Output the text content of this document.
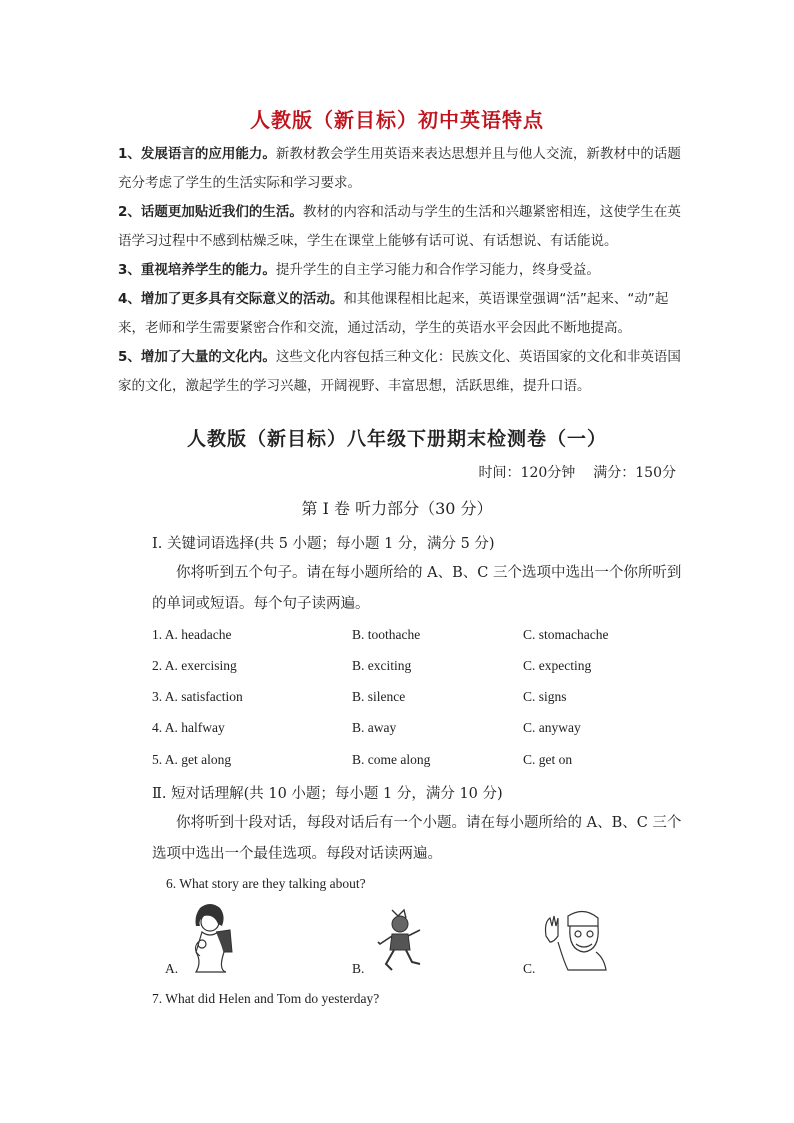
人教版（新目标）初中英语特点
1、发展语言的应用能力。新教材教会学生用英语来表达思想并且与他人交流，新教材中的话题充分考虑了学生的生活实际和学习要求。
2、话题更加贴近我们的生活。教材的内容和活动与学生的生活和兴趣紧密相连，这使学生在英语学习过程中不感到枯燥乏味，学生在课堂上能够有话可说、有话想说、有话能说。
3、重视培养学生的能力。提升学生的自主学习能力和合作学习能力，终身受益。
4、增加了更多具有交际意义的活动。和其他课程相比起来，英语课堂强调“活”起来、“动”起来，老师和学生需要紧密合作和交流，通过活动，学生的英语水平会因此不断地提高。
5、增加了大量的文化内。这些文化内容包括三种文化：民族文化、英语国家的文化和非英语国家的文化，激起学生的学习兴趣，开阔视野、丰富思想，活跃思维，提升口语。
人教版（新目标）八年级下册期末检测卷（一）
时间：120分钟 满分：150分
第 Ⅰ 卷 听力部分（30 分）
Ⅰ. 关键词语选择(共 5 小题；每小题 1 分，满分 5 分)
你将听到五个句子。请在每小题所给的 A、B、C 三个选项中选出一个你所听到的单词或短语。每个句子读两遍。
1. A. headache	B. toothache	C. stomachache
2. A. exercising	B. exciting	C. expecting
3. A. satisfaction	B. silence	C. signs
4. A. halfway	B. away	C. anyway
5. A. get along	B. come along	C. get on
Ⅱ. 短对话理解(共 10 小题；每小题 1 分，满分 10 分)
你将听到十段对话，每段对话后有一个小题。请在每小题所给的 A、B、C 三个选项中选出一个最佳选项。每段对话读两遍。
6. What story are they talking about?
A.	B.	C.
7. What did Helen and Tom do yesterday?
